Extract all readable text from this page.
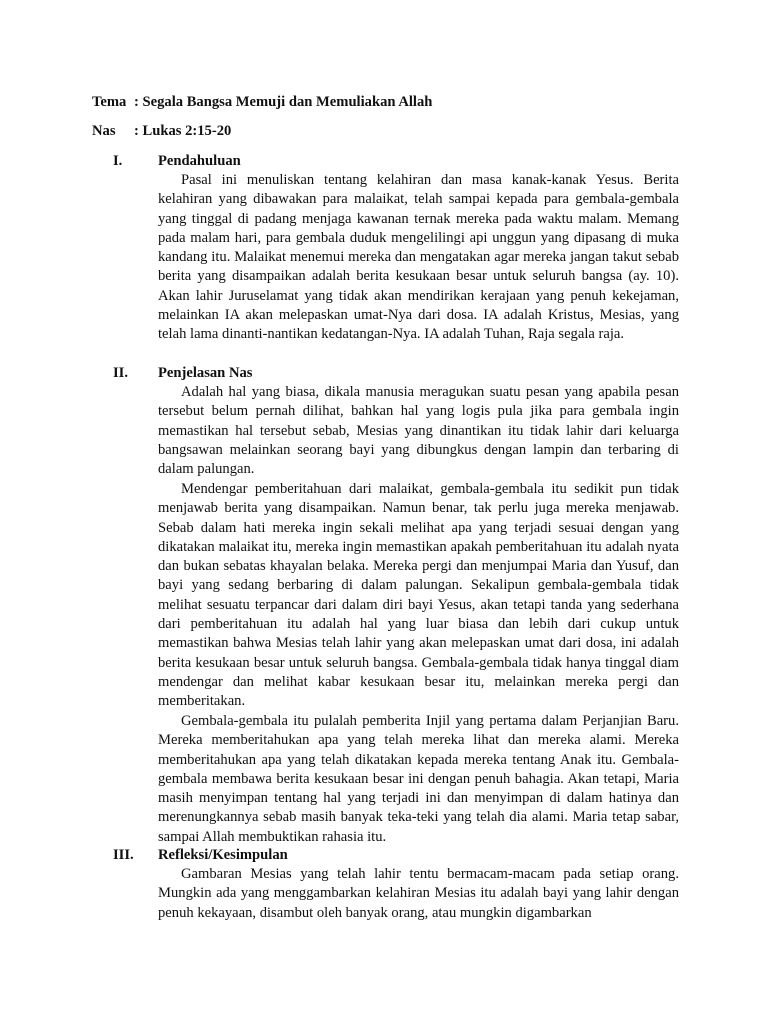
Tema : Segala Bangsa Memuji dan Memuliakan Allah
Nas : Lukas 2:15-20
I. Pendahuluan

Pasal ini menuliskan tentang kelahiran dan masa kanak-kanak Yesus. Berita kelahiran yang dibawakan para malaikat, telah sampai kepada para gembala-gembala yang tinggal di padang menjaga kawanan ternak mereka pada waktu malam. Memang pada malam hari, para gembala duduk mengelilingi api unggun yang dipasang di muka kandang itu. Malaikat menemui mereka dan mengatakan agar mereka jangan takut sebab berita yang disampaikan adalah berita kesukaan besar untuk seluruh bangsa (ay. 10). Akan lahir Juruselamat yang tidak akan mendirikan kerajaan yang penuh kekejaman, melainkan IA akan melepaskan umat-Nya dari dosa. IA adalah Kristus, Mesias, yang telah lama dinanti-nantikan kedatangan-Nya. IA adalah Tuhan, Raja segala raja.

II. Penjelasan Nas

Adalah hal yang biasa, dikala manusia meragukan suatu pesan yang apabila pesan tersebut belum pernah dilihat, bahkan hal yang logis pula jika para gembala ingin memastikan hal tersebut sebab, Mesias yang dinantikan itu tidak lahir dari keluarga bangsawan melainkan seorang bayi yang dibungkus dengan lampin dan terbaring di dalam palungan.

Mendengar pemberitahuan dari malaikat, gembala-gembala itu sedikit pun tidak menjawab berita yang disampaikan. Namun benar, tak perlu juga mereka menjawab. Sebab dalam hati mereka ingin sekali melihat apa yang terjadi sesuai dengan yang dikatakan malaikat itu, mereka ingin memastikan apakah pemberitahuan itu adalah nyata dan bukan sebatas khayalan belaka. Mereka pergi dan menjumpai Maria dan Yusuf, dan bayi yang sedang berbaring di dalam palungan. Sekalipun gembala-gembala tidak melihat sesuatu terpancar dari dalam diri bayi Yesus, akan tetapi tanda yang sederhana dari pemberitahuan itu adalah hal yang luar biasa dan lebih dari cukup untuk memastikan bahwa Mesias telah lahir yang akan melepaskan umat dari dosa, ini adalah berita kesukaan besar untuk seluruh bangsa. Gembala-gembala tidak hanya tinggal diam mendengar dan melihat kabar kesukaan besar itu, melainkan mereka pergi dan memberitakan.

Gembala-gembala itu pulalah pemberita Injil yang pertama dalam Perjanjian Baru. Mereka memberitahukan apa yang telah mereka lihat dan mereka alami. Mereka memberitahukan apa yang telah dikatakan kepada mereka tentang Anak itu. Gembala-gembala membawa berita kesukaan besar ini dengan penuh bahagia. Akan tetapi, Maria masih menyimpan tentang hal yang terjadi ini dan menyimpan di dalam hatinya dan merenungkannya sebab masih banyak teka-teki yang telah dia alami. Maria tetap sabar, sampai Allah membuktikan rahasia itu.

III. Refleksi/Kesimpulan

Gambaran Mesias yang telah lahir tentu bermacam-macam pada setiap orang. Mungkin ada yang menggambarkan kelahiran Mesias itu adalah bayi yang lahir dengan penuh kekayaan, disambut oleh banyak orang, atau mungkin digambarkan
